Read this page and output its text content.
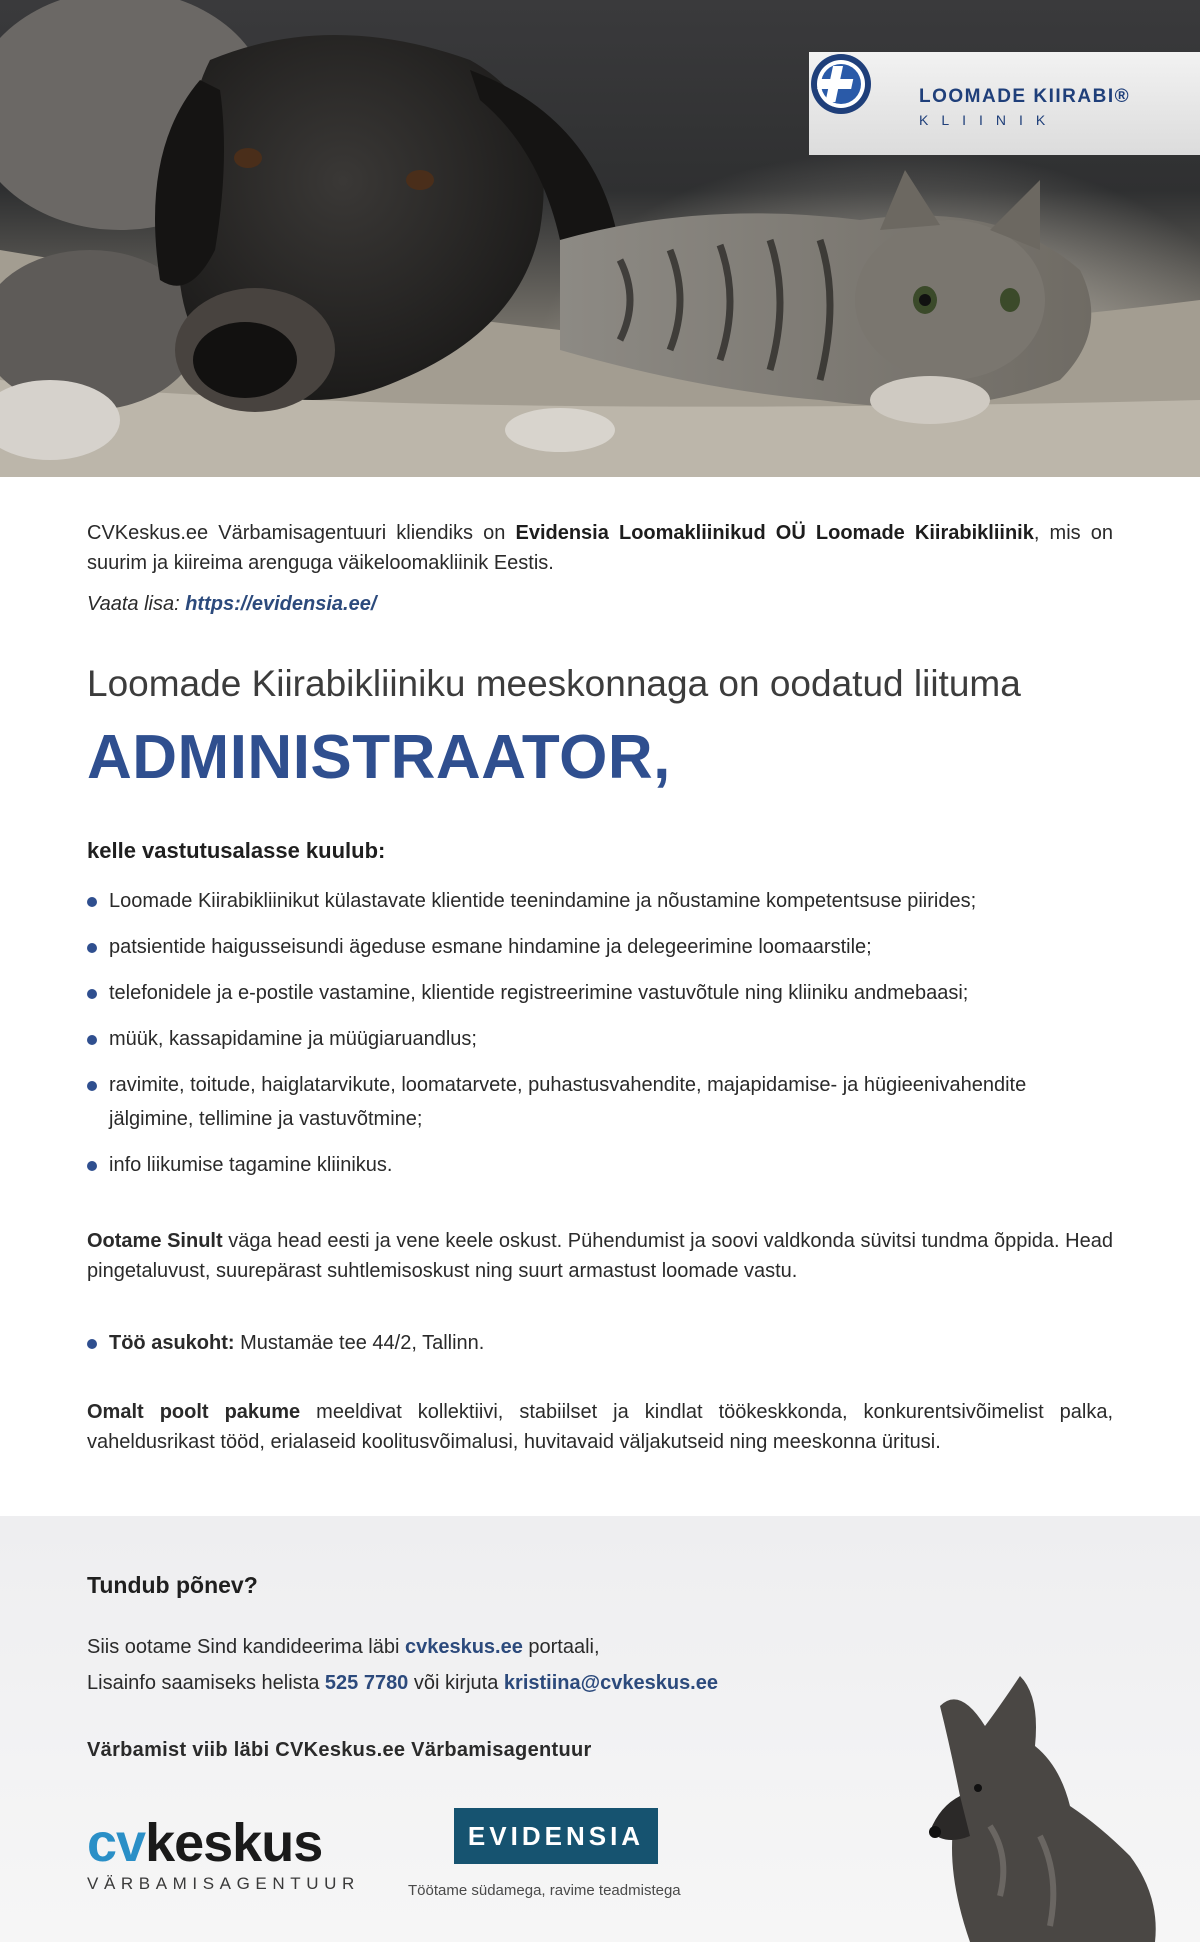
LOOMADE KIIRABI®
KLIINIK

CVKeskus.ee Värbamisagentuuri kliendiks on Evidensia Loomakliinikud OÜ Loomade Kiirabikliinik, mis on suurim ja kiireima arenguga väikeloomakliinik Eestis.

Vaata lisa: https://evidensia.ee/

Loomade Kiirabikliiniku meeskonnaga on oodatud liituma
ADMINISTRAATOR,
kelle vastutusalasse kuulub:
Loomade Kiirabikliinikut külastavate klientide teenindamine ja nõustamine kompetentsuse piirides;
patsientide haigusseisundi ägeduse esmane hindamine ja delegeerimine loomaarstile;
telefonidele ja e-postile vastamine, klientide registreerimine vastuvõtule ning kliiniku andmebaasi;
müük, kassapidamine ja müügiaruandlus;
ravimite, toitude, haiglatarvikute, loomatarvete, puhastusvahendite, majapidamise- ja hügieenivahendite jälgimine, tellimine ja vastuvõtmine;
info liikumise tagamine kliinikus.

Ootame Sinult väga head eesti ja vene keele oskust. Pühendumist ja soovi valdkonda süvitsi tundma õppida. Head pingetaluvust, suurepärast suhtlemisoskust ning suurt armastust loomade vastu.

Töö asukoht: Mustamäe tee 44/2, Tallinn.

Omalt poolt pakume meeldivat kollektiivi, stabiilset ja kindlat töökeskkonda, konkurentsivõimelist palka, vaheldusrikast tööd, erialaseid koolitusvõimalusi, huvitavaid väljakutseid ning meeskonna üritusi.

Tundub põnev?
Siis ootame Sind kandideerima läbi cvkeskus.ee portaali,
Lisainfo saamiseks helista 525 7780 või kirjuta kristiina@cvkeskus.ee
Värbamist viib läbi CVKeskus.ee Värbamisagentuur
cvkeskus
VÄRBAMISAGENTUUR
EVIDENSIA
Töötame südamega, ravime teadmistega
